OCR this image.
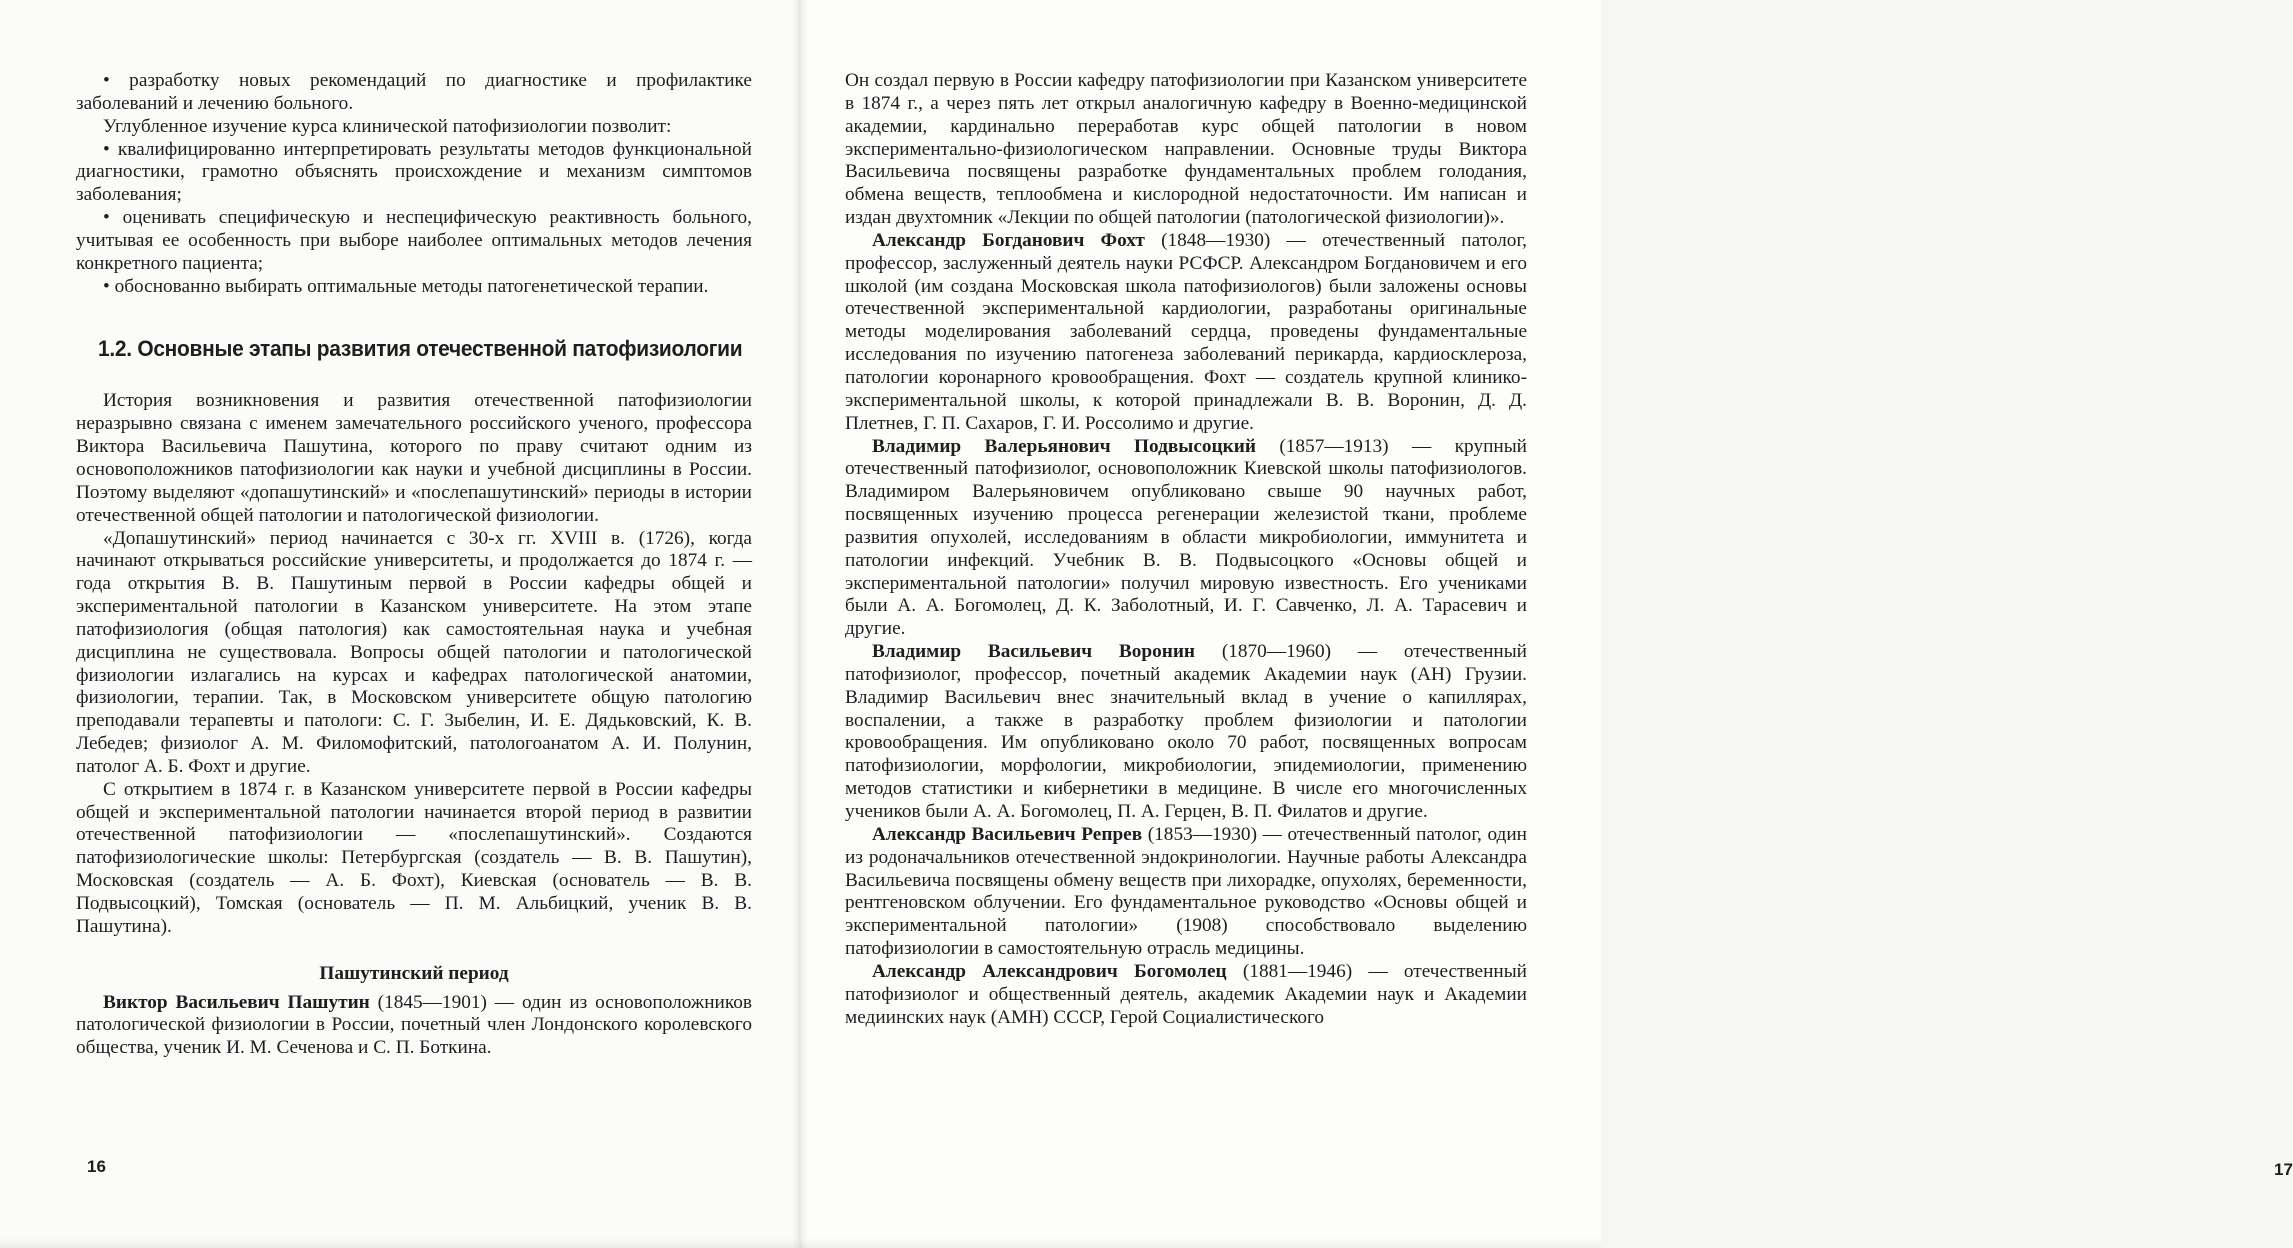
• разработку новых рекомендаций по диагностике и профилактике заболеваний и лечению больного.

Углубленное изучение курса клинической патофизиологии позволит:

• квалифицированно интерпретировать результаты методов функциональной диагностики, грамотно объяснять происхождение и механизм симптомов заболевания;

• оценивать специфическую и неспецифическую реактивность больного, учитывая ее особенность при выборе наиболее оптимальных методов лечения конкретного пациента;

• обоснованно выбирать оптимальные методы патогенетической терапии.

1.2. Основные этапы развития отечественной патофизиологии

История возникновения и развития отечественной патофизиологии неразрывно связана с именем замечательного российского ученого, профессора Виктора Васильевича Пашутина, которого по праву считают одним из основоположников патофизиологии как науки и учебной дисциплины в России. Поэтому выделяют «допашутинский» и «послепашутинский» периоды в истории отечественной общей патологии и патологической физиологии.

«Допашутинский» период начинается с 30-х гг. XVIII в. (1726), когда начинают открываться российские университеты, и продолжается до 1874 г. — года открытия В. В. Пашутиным первой в России кафедры общей и экспериментальной патологии в Казанском университете. На этом этапе патофизиология (общая патология) как самостоятельная наука и учебная дисциплина не существовала. Вопросы общей патологии и патологической физиологии излагались на курсах и кафедрах патологической анатомии, физиологии, терапии. Так, в Московском университете общую патологию преподавали терапевты и патологи: С. Г. Зыбелин, И. Е. Дядьковский, К. В. Лебедев; физиолог А. М. Филомофитский, патологоанатом А. И. Полунин, патолог А. Б. Фохт и другие.

С открытием в 1874 г. в Казанском университете первой в России кафедры общей и экспериментальной патологии начинается второй период в развитии отечественной патофизиологии — «послепашутинский». Создаются патофизиологические школы: Петербургская (создатель — В. В. Пашутин), Московская (создатель — А. Б. Фохт), Киевская (основатель — В. В. Подвысоцкий), Томская (основатель — П. М. Альбицкий, ученик В. В. Пашутина).

Пашутинский период

Виктор Васильевич Пашутин (1845—1901) — один из основоположников патологической физиологии в России, почетный член Лондонского королевского общества, ученик И. М. Сеченова и С. П. Боткина.

16

Он создал первую в России кафедру патофизиологии при Казанском университете в 1874 г., а через пять лет открыл аналогичную кафедру в Военно-медицинской академии, кардинально переработав курс общей патологии в новом экспериментально-физиологическом направлении. Основные труды Виктора Васильевича посвящены разработке фундаментальных проблем голодания, обмена веществ, теплообмена и кислородной недостаточности. Им написан и издан двухтомник «Лекции по общей патологии (патологической физиологии)».

Александр Богданович Фохт (1848—1930) — отечественный патолог, профессор, заслуженный деятель науки РСФСР. Александром Богдановичем и его школой (им создана Московская школа патофизиологов) были заложены основы отечественной экспериментальной кардиологии, разработаны оригинальные методы моделирования заболеваний сердца, проведены фундаментальные исследования по изучению патогенеза заболеваний перикарда, кардиосклероза, патологии коронарного кровообращения. Фохт — создатель крупной клинико-экспериментальной школы, к которой принадлежали В. В. Воронин, Д. Д. Плетнев, Г. П. Сахаров, Г. И. Россолимо и другие.

Владимир Валерьянович Подвысоцкий (1857—1913) — крупный отечественный патофизиолог, основоположник Киевской школы патофизиологов. Владимиром Валерьяновичем опубликовано свыше 90 научных работ, посвященных изучению процесса регенерации железистой ткани, проблеме развития опухолей, исследованиям в области микробиологии, иммунитета и патологии инфекций. Учебник В. В. Подвысоцкого «Основы общей и экспериментальной патологии» получил мировую известность. Его учениками были А. А. Богомолец, Д. К. Заболотный, И. Г. Савченко, Л. А. Тарасевич и другие.

Владимир Васильевич Воронин (1870—1960) — отечественный патофизиолог, профессор, почетный академик Академии наук (АН) Грузии. Владимир Васильевич внес значительный вклад в учение о капиллярах, воспалении, а также в разработку проблем физиологии и патологии кровообращения. Им опубликовано около 70 работ, посвященных вопросам патофизиологии, морфологии, микробиологии, эпидемиологии, применению методов статистики и кибернетики в медицине. В числе его многочисленных учеников были А. А. Богомолец, П. А. Герцен, В. П. Филатов и другие.

Александр Васильевич Репрев (1853—1930) — отечественный патолог, один из родоначальников отечественной эндокринологии. Научные работы Александра Васильевича посвящены обмену веществ при лихорадке, опухолях, беременности, рентгеновском облучении. Его фундаментальное руководство «Основы общей и экспериментальной патологии» (1908) способствовало выделению патофизиологии в самостоятельную отрасль медицины.

Александр Александрович Богомолец (1881—1946) — отечественный патофизиолог и общественный деятель, академик Академии наук и Академии медиинских наук (АМН) СССР, Герой Социалистического

17
